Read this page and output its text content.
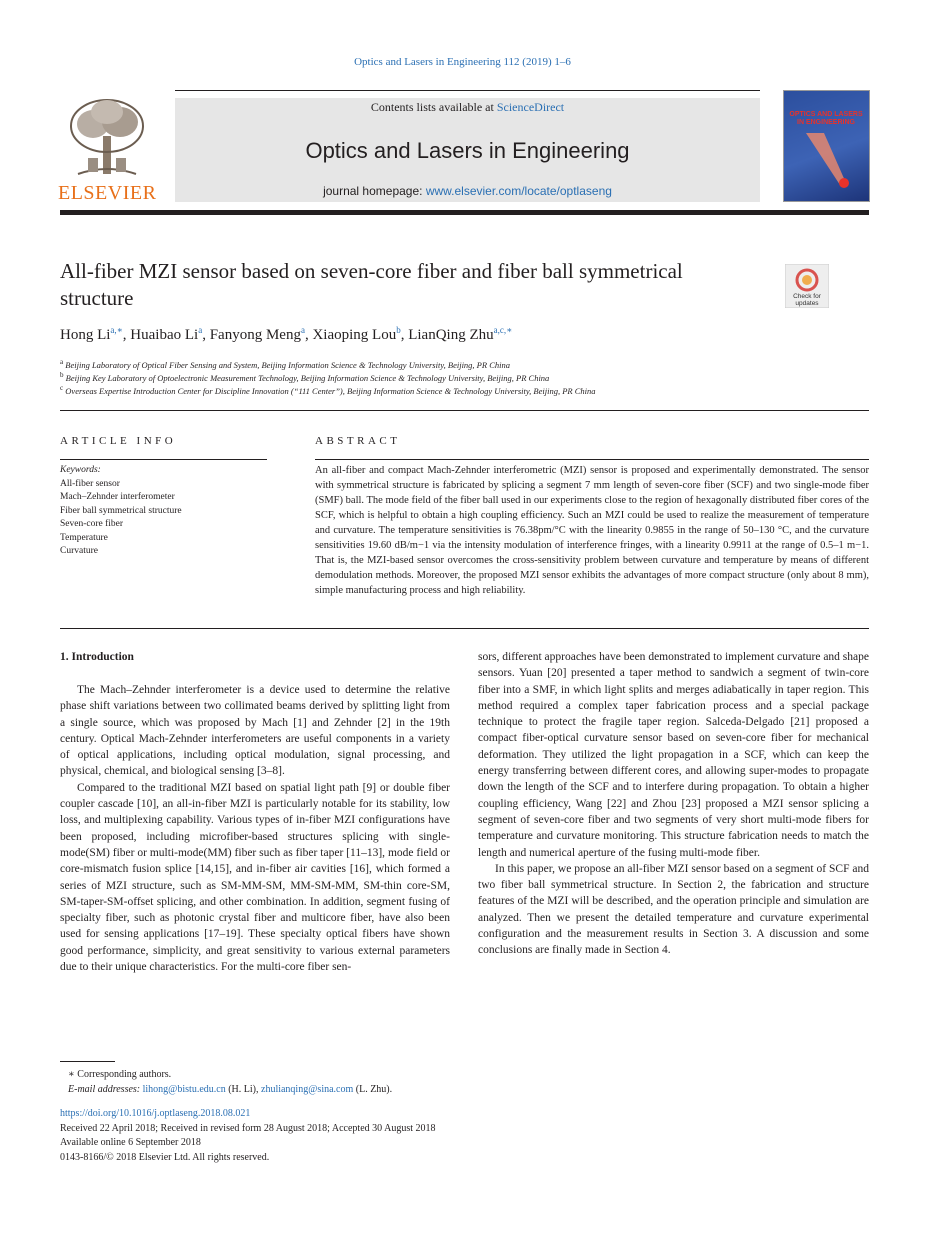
Optics and Lasers in Engineering 112 (2019) 1–6
Contents lists available at ScienceDirect
Optics and Lasers in Engineering
journal homepage: www.elsevier.com/locate/optlaseng
ELSEVIER
OPTICS AND LASERS IN ENGINEERING
All-fiber MZI sensor based on seven-core fiber and fiber ball symmetrical structure	Check for
updates
Hong $Li^{a,∗}$, Huaibao Li$^a$, Fanyong Meng$^a$, Xiaoping Lou$^b$, LianQing Zhu$^{a,c,∗}$
$^a$ Beijing Laboratory of Optical Fiber Sensing and System, Beijing Information Science & Technology University, Beijing, PR China
$^b$ Beijing Key Laboratory of Optoelectronic Measurement Technology, Beijing Information Science & Technology University, Beijing, PR China
$^c$ Overseas Expertise Introduction Center for Discipline Innovation (“111 Center”), Beijing Information Science & Technology University, Beijing, PR China
ARTICLE INFO	ABSTRACT
Keywords:
All-fiber sensor
Mach–Zehnder interferometer
Fiber ball symmetrical structure
Seven-core fiber
Temperature
Curvature
An all-fiber and compact Mach-Zehnder interferometric (MZI) sensor is proposed and experimentally demonstrated. The sensor with symmetrical structure is fabricated by splicing a segment 7 mm length of seven-core fiber (SCF) and two single-mode fiber (SMF) ball. The mode field of the fiber ball used in our experiments close to the region of hexagonally distributed fiber cores of the SCF, which is helpful to obtain a high coupling efficiency. Such an MZI could be used to realize the measurement of temperature and curvature. The temperature sensitivities is 76.38pm/°C with the linearity 0.9855 in the range of 50–130 °C, and the curvature sensitivities 19.60 dB/m−1 via the intensity modulation of interference fringes, with a linearity 0.9911 at the range of 0.5–1 m−1. That is, the MZI-based sensor overcomes the cross-sensitivity problem between curvature and temperature by means of different demodulation methods. Moreover, the proposed MZI sensor exhibits the advantages of more compact structure (only about 8 mm), simple manufacturing process and high reliability.
1. Introduction

The Mach–Zehnder interferometer is a device used to determine the relative phase shift variations between two collimated beams derived by splitting light from a single source, which was proposed by Mach [1] and Zehnder [2] in the 19th century. Optical Mach-Zehnder interferometers are useful components in a variety of optical applications, including optical modulation, signal processing, and physical, chemical, and biological sensing [3–8].

Compared to the traditional MZI based on spatial light path [9] or double fiber coupler cascade [10], an all-in-fiber MZI is particularly notable for its stability, low loss, and multiplexing capability. Various types of in-fiber MZI configurations have been proposed, including microfiber-based structures splicing with single-mode(SM) fiber or multi-mode(MM) fiber such as fiber taper [11–13], mode field or core-mismatch fusion splice [14,15], and in-fiber air cavities [16], which formed a series of MZI structure, such as SM-MM-SM, MM-SM-MM, SM-thin core-SM, SM-taper-SM-offset splicing, and other combination. In addition, segment fusing of specialty fiber, such as photonic crystal fiber and multicore fiber, have also been used for sensing applications [17–19]. These specialty optical fibers have shown good performance, simplicity, and great sensitivity to various external parameters due to their unique characteristics. For the multi-core fiber sen-

sors, different approaches have been demonstrated to implement curvature and shape sensors. Yuan [20] presented a taper method to sandwich a segment of twin-core fiber into a SMF, in which light splits and merges adiabatically in taper region. This method required a complex taper fabrication process and a special package technique to protect the fragile taper region. Salceda-Delgado [21] proposed a compact fiber-optical curvature sensor based on seven-core fiber for mechanical deformation. They utilized the light propagation in a SCF, which can keep the energy transferring between different cores, and allowing super-modes to propagate down the length of the SCF and to interfere during propagation. To obtain a higher coupling efficiency, Wang [22] and Zhou [23] proposed a MZI sensor splicing a segment of seven-core fiber and two segments of very short multi-mode fibers for temperature and curvature monitoring. This structure fabrication needs to match the length and numerical aperture of the fusing multi-mode fiber.

In this paper, we propose an all-fiber MZI sensor based on a segment of SCF and two fiber ball symmetrical structure. In Section 2, the fabrication and structure features of the MZI will be described, and the operation principle and simulation are analyzed. Then we present the detailed temperature and curvature experimental configuration and the measurement results in Section 3. A discussion and some conclusions are finally made in Section 4.

∗ Corresponding authors.
E-mail addresses: lihong@bistu.edu.cn (H. Li), zhulianqing@sina.com (L. Zhu).
https://doi.org/10.1016/j.optlaseng.2018.08.021
Received 22 April 2018; Received in revised form 28 August 2018; Accepted 30 August 2018
Available online 6 September 2018
0143-8166/© 2018 Elsevier Ltd. All rights reserved.
